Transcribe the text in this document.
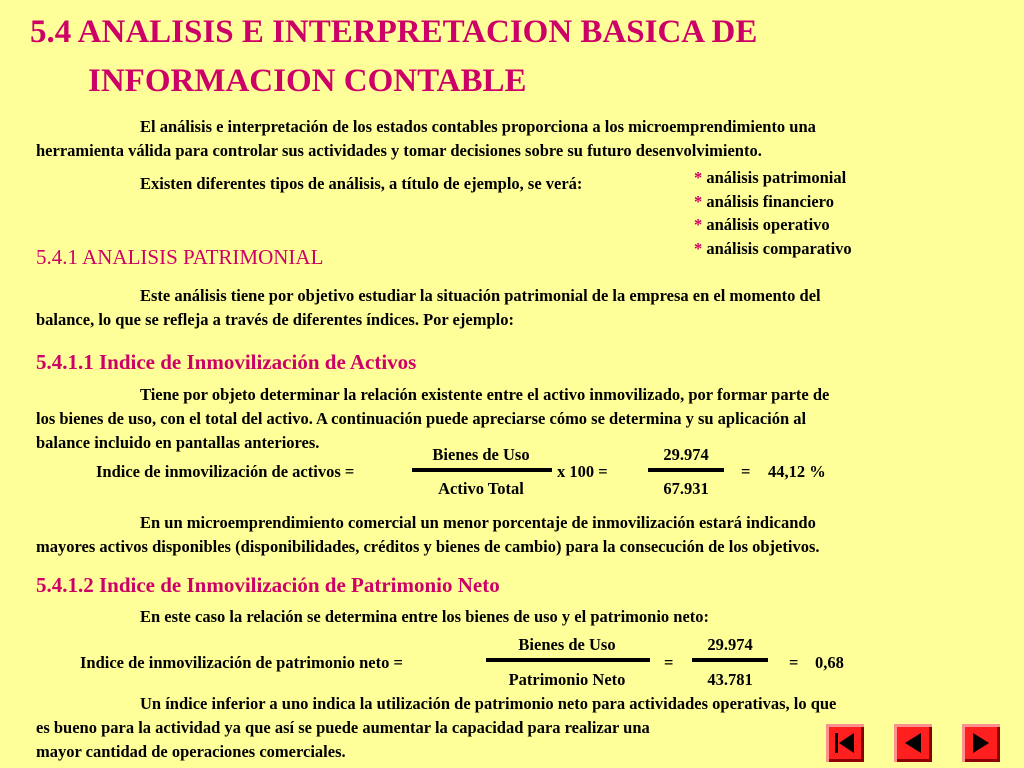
5.4 ANALISIS E INTERPRETACION BASICA DE
INFORMACION CONTABLE
El análisis e interpretación de los estados contables proporciona a los microemprendimiento una
herramienta válida para controlar sus actividades y tomar decisiones sobre su futuro desenvolvimiento.
Existen diferentes tipos de análisis, a título de ejemplo, se verá:	* análisis patrimonial
* análisis financiero
* análisis operativo
* análisis comparativo
5.4.1 ANALISIS PATRIMONIAL
Este análisis tiene por objetivo estudiar la situación patrimonial de la empresa en el momento del
balance, lo que se refleja a través de diferentes índices. Por ejemplo:
5.4.1.1 Indice de Inmovilización de Activos
Tiene por objeto determinar la relación existente entre el activo inmovilizado, por formar parte de
los bienes de uso, con el total del activo. A continuación puede apreciarse cómo se determina y su aplicación al
balance incluido en pantallas anteriores.
Indice de inmovilización de activos =
Bienes de Uso
Activo Total
x 100 =
29.974
67.931
= 44,12 %
En un microemprendimiento comercial un menor porcentaje de inmovilización estará indicando
mayores activos disponibles (disponibilidades, créditos y bienes de cambio) para la consecución de los objetivos.
5.4.1.2 Indice de Inmovilización de Patrimonio Neto
En este caso la relación se determina entre los bienes de uso y el patrimonio neto:
Indice de inmovilización de patrimonio neto =
Bienes de Uso
Patrimonio Neto
=
29.974
43.781
= 0,68
Un índice inferior a uno indica la utilización de patrimonio neto para actividades operativas, lo que
es bueno para la actividad ya que así se puede aumentar la capacidad para realizar una
mayor cantidad de operaciones comerciales.
